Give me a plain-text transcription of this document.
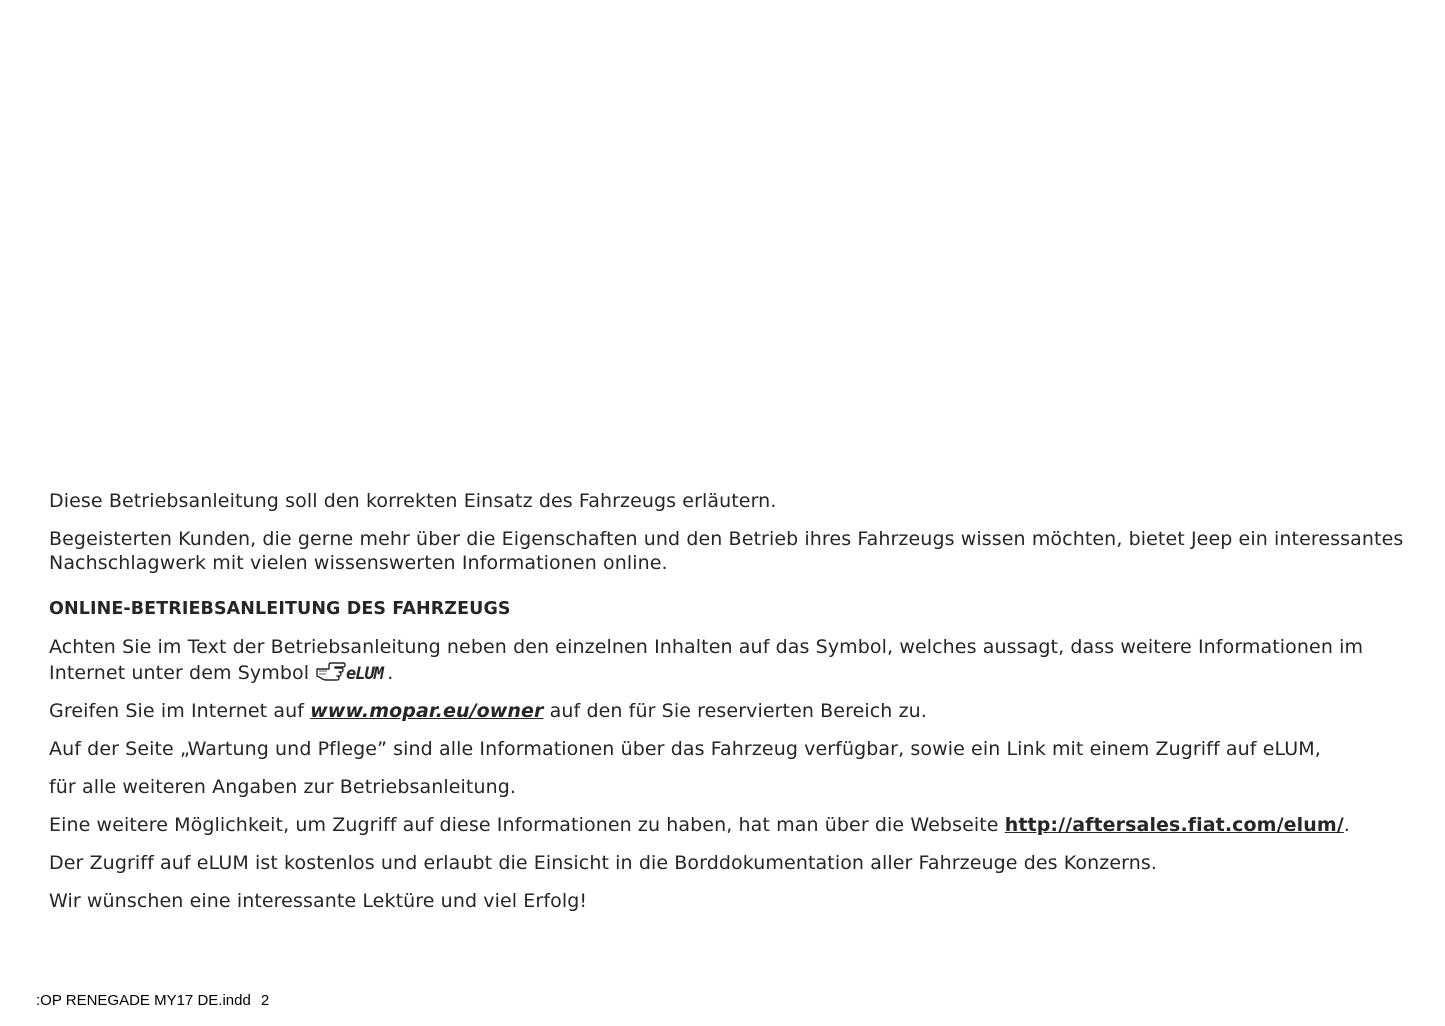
Diese Betriebsanleitung soll den korrekten Einsatz des Fahrzeugs erläutern.

Begeisterten Kunden, die gerne mehr über die Eigenschaften und den Betrieb ihres Fahrzeugs wissen möchten, bietet Jeep ein interessantes Nachschlagwerk mit vielen wissenswerten Informationen online.

ONLINE-BETRIEBSANLEITUNG DES FAHRZEUGS

Achten Sie im Text der Betriebsanleitung neben den einzelnen Inhalten auf das Symbol, welches aussagt, dass weitere Informationen im Internet unter dem Symbol eLUM .

Greifen Sie im Internet auf www.mopar.eu/owner auf den für Sie reservierten Bereich zu.

Auf der Seite „Wartung und Pflege” sind alle Informationen über das Fahrzeug verfügbar, sowie ein Link mit einem Zugriff auf eLUM,

für alle weiteren Angaben zur Betriebsanleitung.

Eine weitere Möglichkeit, um Zugriff auf diese Informationen zu haben, hat man über die Webseite http://aftersales.fiat.com/elum/.

Der Zugriff auf eLUM ist kostenlos und erlaubt die Einsicht in die Borddokumentation aller Fahrzeuge des Konzerns.

Wir wünschen eine interessante Lektüre und viel Erfolg!

:OP RENEGADE MY17 DE.indd 2
